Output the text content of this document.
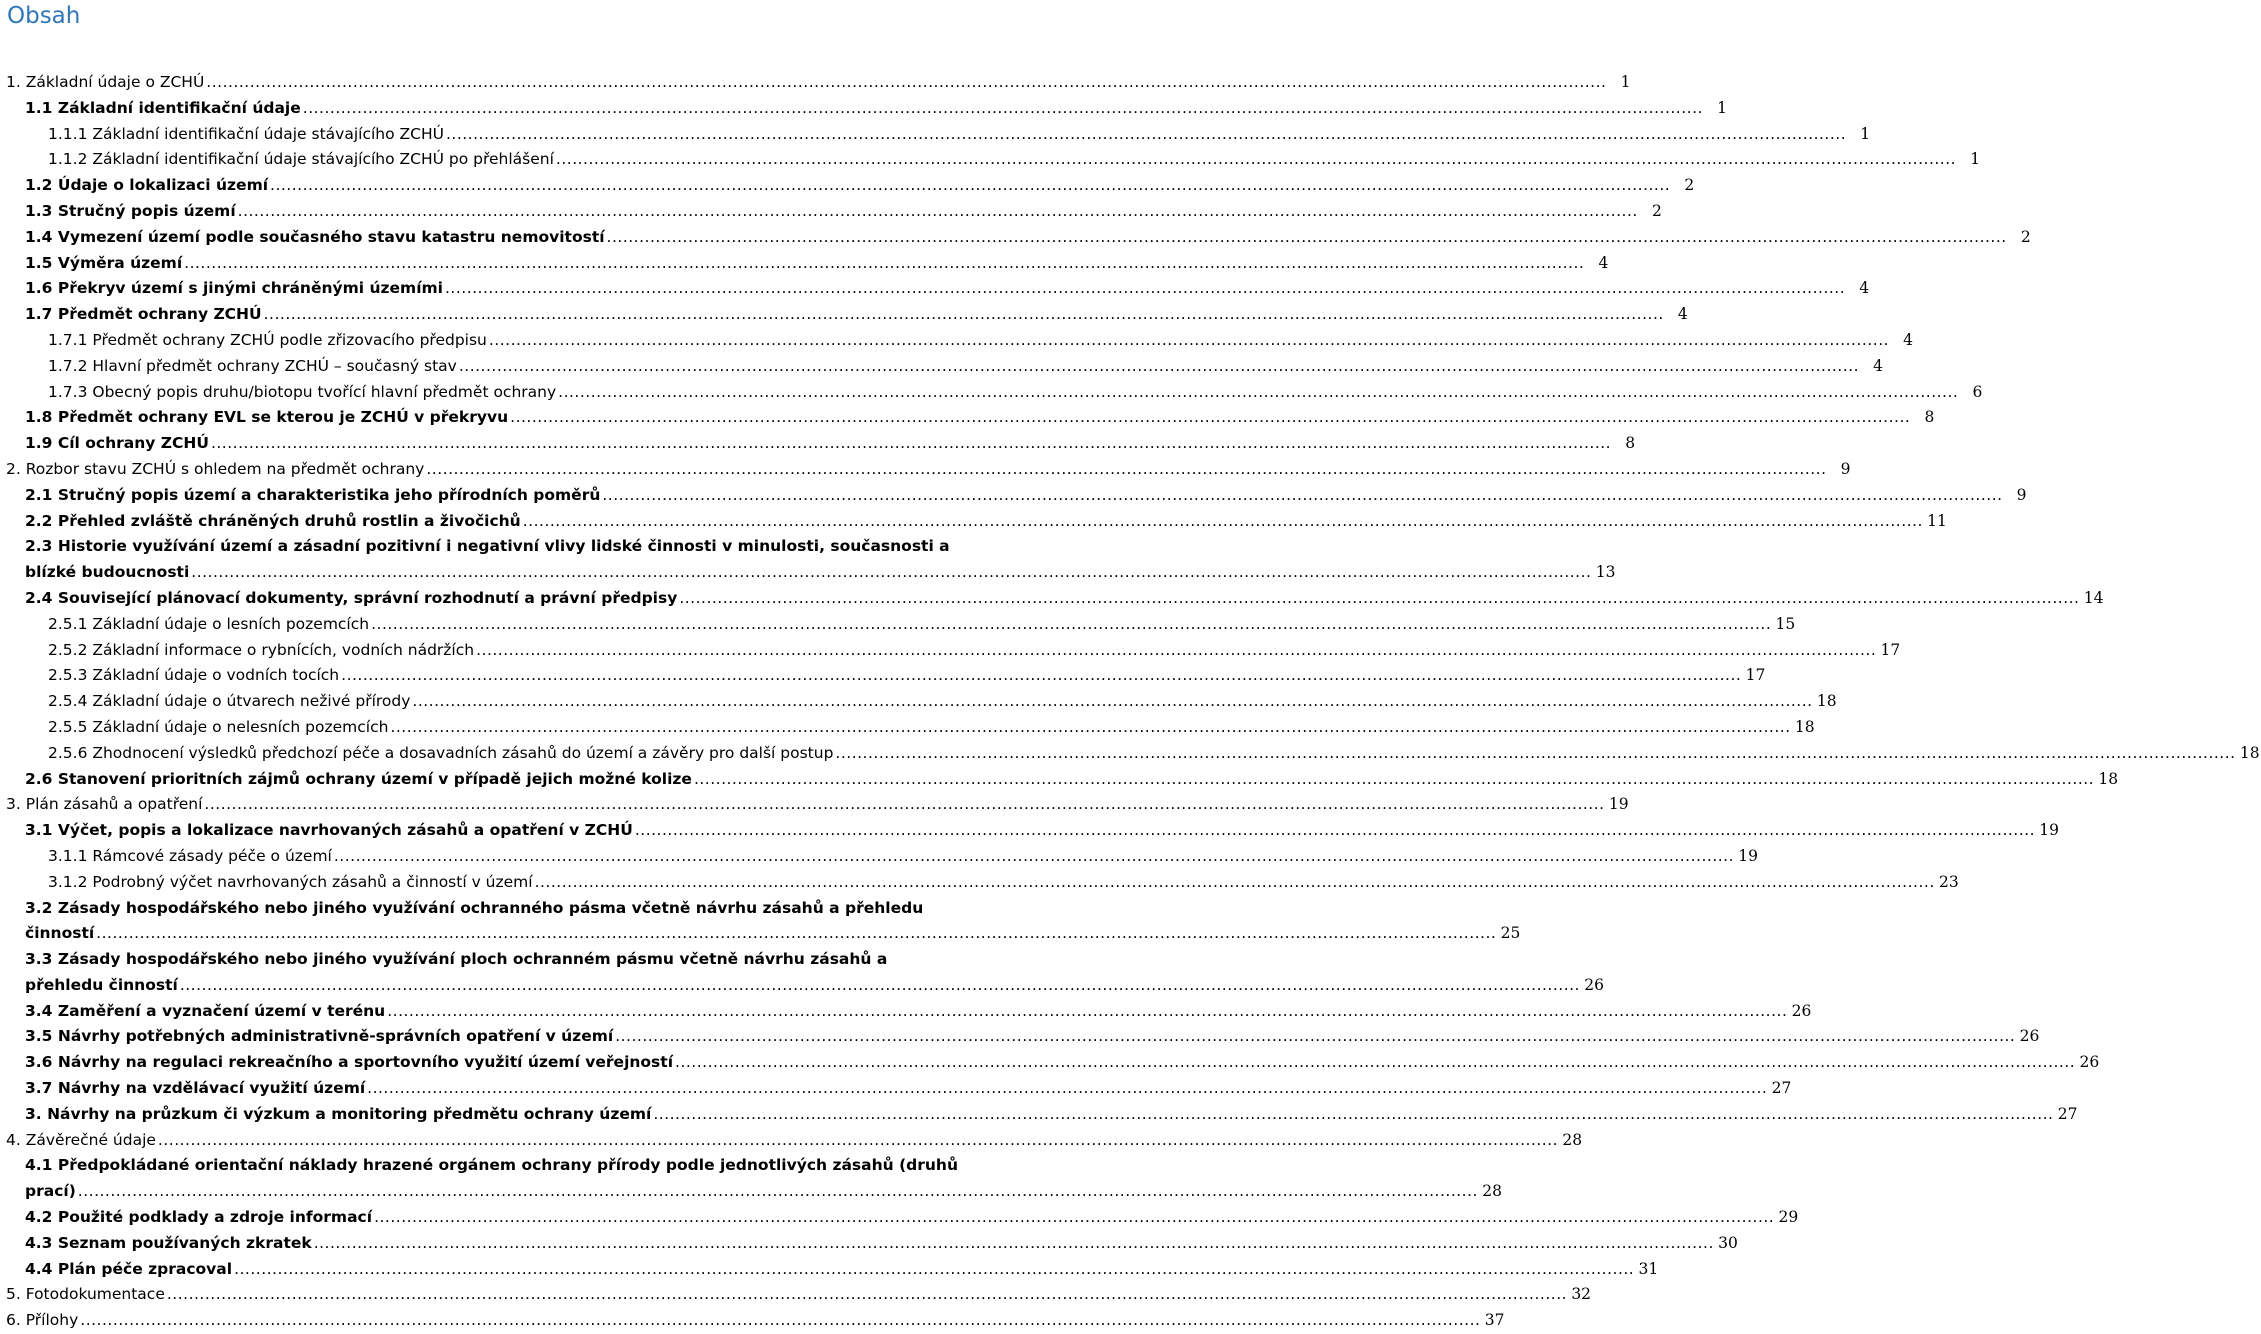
Obsah
1. Základní údaje o ZCHÚ .....	1
1.1 Základní identifikační údaje .....	1
1.1.1 Základní identifikační údaje stávajícího ZCHÚ .....	1
1.1.2 Základní identifikační údaje stávajícího ZCHÚ po přehlášení .....	1
1.2 Údaje o lokalizaci území .....	2
1.3 Stručný popis území .....	2
1.4 Vymezení území podle současného stavu katastru nemovitostí .....	2
1.5 Výměra území .....	4
1.6 Překryv území s jinými chráněnými územími .....	4
1.7 Předmět ochrany ZCHÚ .....	4
1.7.1 Předmět ochrany ZCHÚ podle zřizovacího předpisu .....	4
1.7.2 Hlavní předmět ochrany ZCHÚ – současný stav .....	4
1.7.3 Obecný popis druhu/biotopu tvořící hlavní předmět ochrany .....	6
1.8 Předmět ochrany EVL se kterou je ZCHÚ v překryvu .....	8
1.9 Cíl ochrany ZCHÚ .....	8
2. Rozbor stavu ZCHÚ s ohledem na předmět ochrany .....	9
2.1 Stručný popis území a charakteristika jeho přírodních poměrů .....	9
2.2 Přehled zvláště chráněných druhů rostlin a živočichů .....	11
2.3 Historie využívání území a zásadní pozitivní i negativní vlivy lidské činnosti v minulosti, současnosti a
blízké budoucnosti .....	13
2.4 Související plánovací dokumenty, správní rozhodnutí a právní předpisy .....	14
2.5.1 Základní údaje o lesních pozemcích .....	15
2.5.2 Základní informace o rybnících, vodních nádržích .....	17
2.5.3 Základní údaje o vodních tocích .....	17
2.5.4 Základní údaje o útvarech neživé přírody .....	18
2.5.5 Základní údaje o nelesních pozemcích .....	18
2.5.6 Zhodnocení výsledků předchozí péče a dosavadních zásahů do území a závěry pro další postup .....	18
2.6 Stanovení prioritních zájmů ochrany území v případě jejich možné kolize .....	18
3. Plán zásahů a opatření .....	19
3.1 Výčet, popis a lokalizace navrhovaných zásahů a opatření v ZCHÚ .....	19
3.1.1 Rámcové zásady péče o území .....	19
3.1.2 Podrobný výčet navrhovaných zásahů a činností v území .....	23
3.2 Zásady hospodářského nebo jiného využívání ochranného pásma včetně návrhu zásahů a přehledu
činností .....	25
3.3 Zásady hospodářského nebo jiného využívání ploch ochranném pásmu včetně návrhu zásahů a
přehledu činností .....	26
3.4 Zaměření a vyznačení území v terénu .....	26
3.5 Návrhy potřebných administrativně-správních opatření v území .....	26
3.6 Návrhy na regulaci rekreačního a sportovního využití území veřejností .....	26
3.7 Návrhy na vzdělávací využití území .....	27
3. Návrhy na průzkum či výzkum a monitoring předmětu ochrany území .....	27
4. Závěrečné údaje .....	28
4.1 Předpokládané orientační náklady hrazené orgánem ochrany přírody podle jednotlivých zásahů (druhů
prací) .....	28
4.2 Použité podklady a zdroje informací .....	29
4.3 Seznam používaných zkratek .....	30
4.4 Plán péče zpracoval .....	31
5. Fotodokumentace .....	32
6. Přílohy .....	37
